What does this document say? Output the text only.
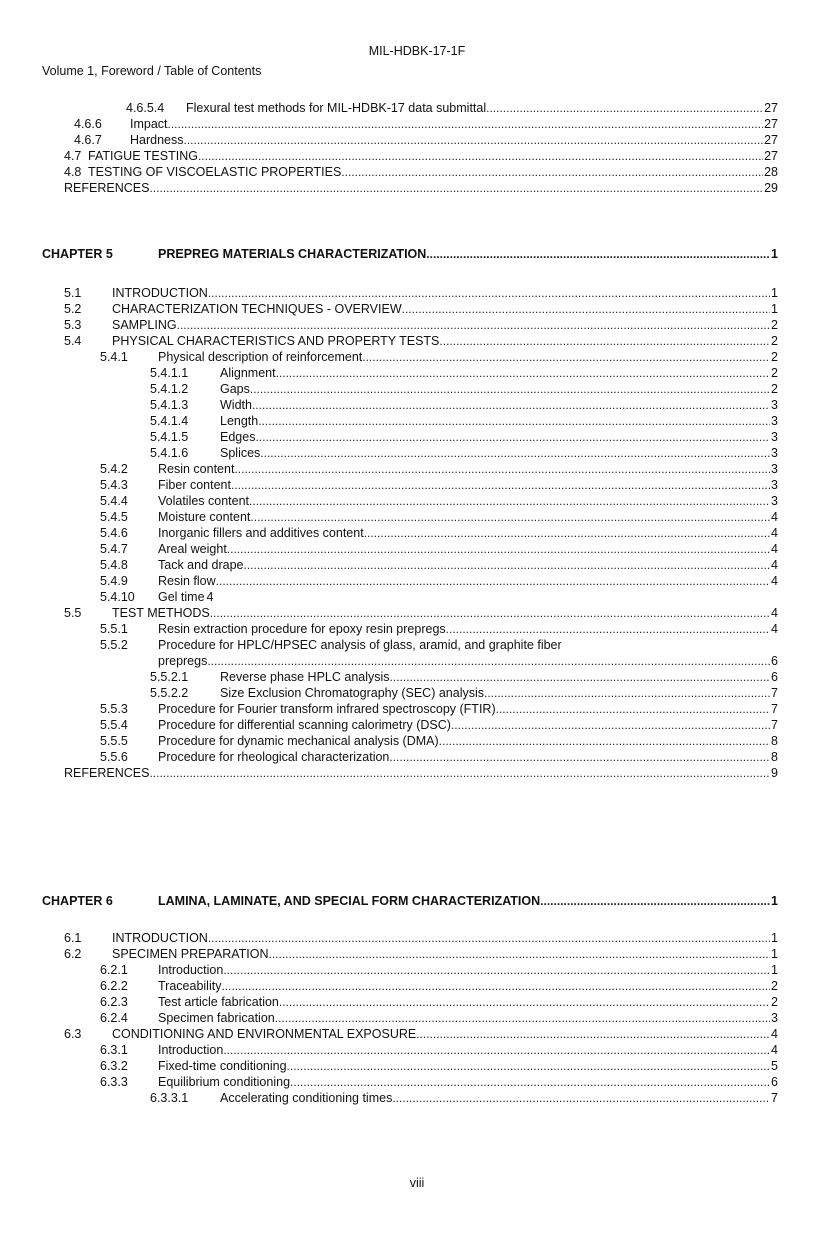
MIL-HDBK-17-1F
Volume 1, Foreword / Table of Contents
4.6.5.4	Flexural test methods for MIL-HDBK-17 data submittal .....	27
4.6.6	Impact .....	27
4.6.7	Hardness .....	27
4.7 FATIGUE TESTING .....	27
4.8 TESTING OF VISCOELASTIC PROPERTIES .....	28
REFERENCES .....	29
CHAPTER 5	PREPREG MATERIALS CHARACTERIZATION .....	1
5.1	INTRODUCTION .....	1
5.2	CHARACTERIZATION TECHNIQUES - OVERVIEW .....	1
5.3	SAMPLING .....	2
5.4	PHYSICAL CHARACTERISTICS AND PROPERTY TESTS .....	2
5.4.1	Physical description of reinforcement .....	2
5.4.1.1	Alignment .....	2
5.4.1.2	Gaps .....	2
5.4.1.3	Width .....	3
5.4.1.4	Length .....	3
5.4.1.5	Edges .....	3
5.4.1.6	Splices .....	3
5.4.2	Resin content .....	3
5.4.3	Fiber content .....	3
5.4.4	Volatiles content .....	3
5.4.5	Moisture content .....	4
5.4.6	Inorganic fillers and additives content .....	4
5.4.7	Areal weight .....	4
5.4.8	Tack and drape .....	4
5.4.9	Resin flow .....	4
5.4.10	Gel time 4
5.5	TEST METHODS .....	4
5.5.1	Resin extraction procedure for epoxy resin prepregs .....	4
5.5.2	Procedure for HPLC/HPSEC analysis of glass, aramid, and graphite fiber
prepregs .....	6
5.5.2.1	Reverse phase HPLC analysis .....	6
5.5.2.2	Size Exclusion Chromatography (SEC) analysis .....	7
5.5.3	Procedure for Fourier transform infrared spectroscopy (FTIR) .....	7
5.5.4	Procedure for differential scanning calorimetry (DSC) .....	7
5.5.5	Procedure for dynamic mechanical analysis (DMA) .....	8
5.5.6	Procedure for rheological characterization .....	8
REFERENCES .....	9
CHAPTER 6	LAMINA, LAMINATE, AND SPECIAL FORM CHARACTERIZATION .....	1
6.1	INTRODUCTION .....	1
6.2	SPECIMEN PREPARATION .....	1
6.2.1	Introduction .....	1
6.2.2	Traceability .....	2
6.2.3	Test article fabrication .....	2
6.2.4	Specimen fabrication .....	3
6.3	CONDITIONING AND ENVIRONMENTAL EXPOSURE .....	4
6.3.1	Introduction .....	4
6.3.2	Fixed-time conditioning .....	5
6.3.3	Equilibrium conditioning .....	6
6.3.3.1	Accelerating conditioning times .....	7
viii
